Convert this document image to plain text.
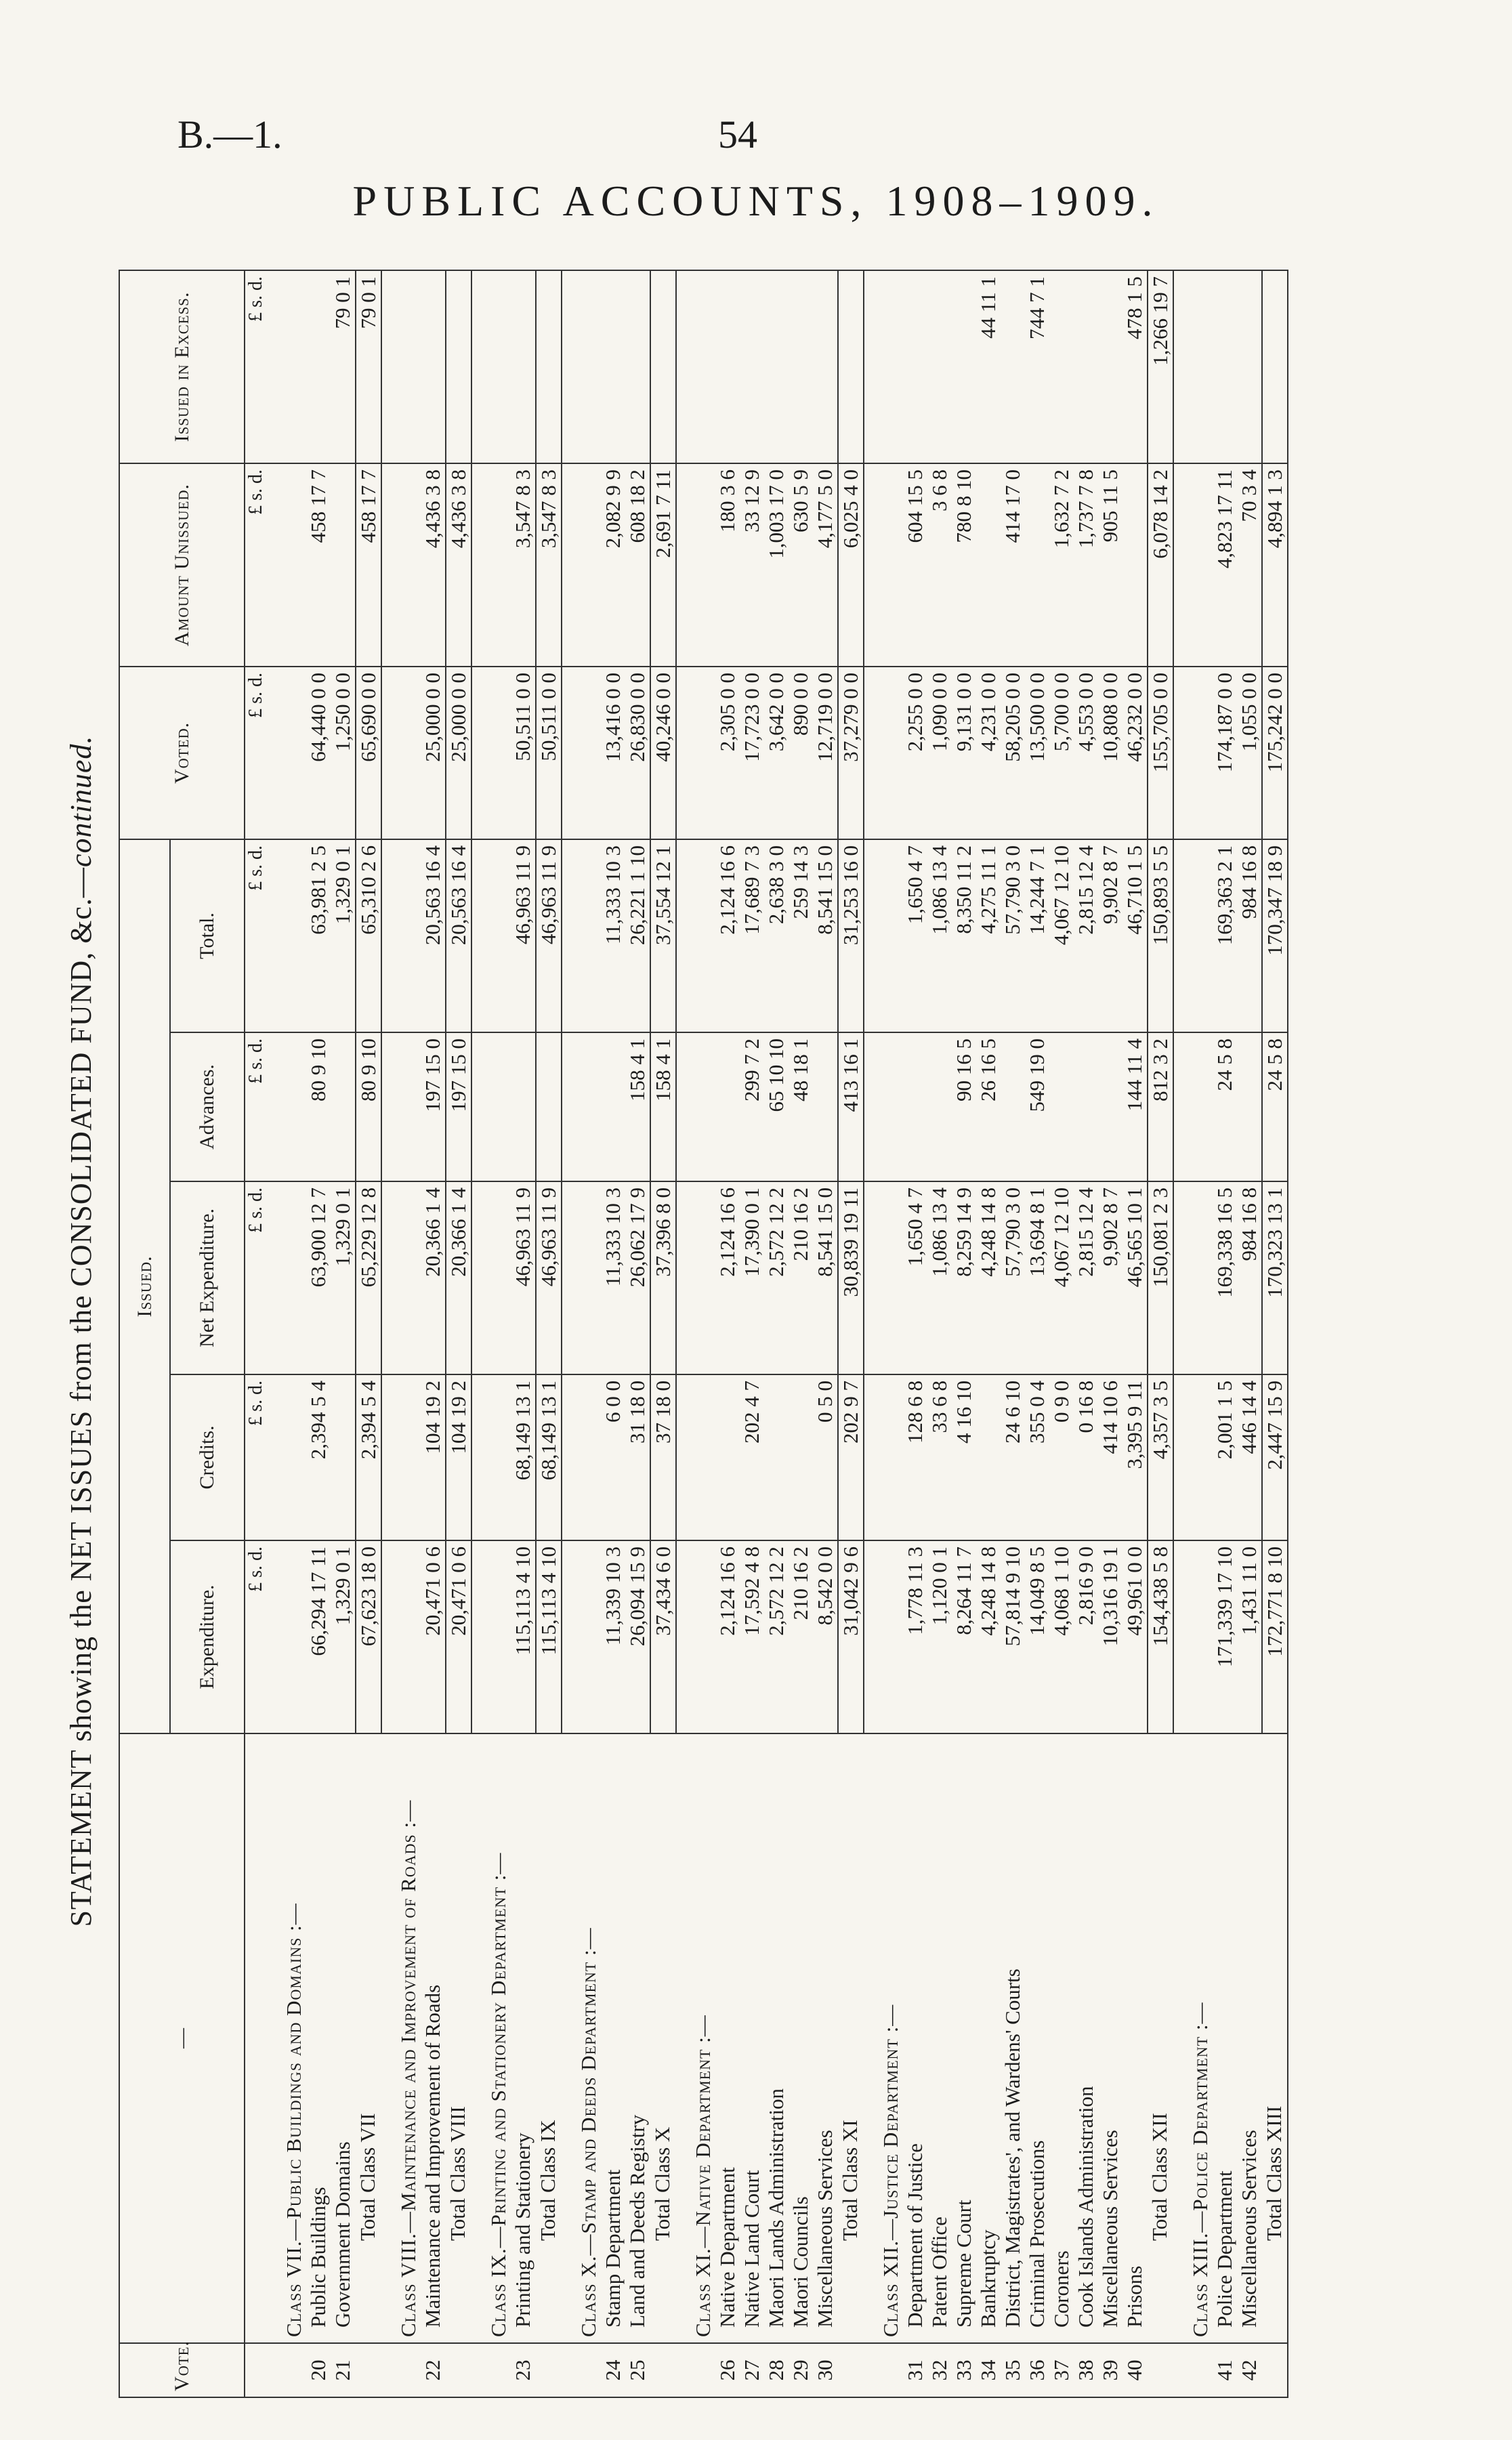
B.—1.	54
PUBLIC ACCOUNTS, 1908–1909.
STATEMENT showing the NET ISSUES from the CONSOLIDATED FUND, &c.—continued.
Vote.	—	Issued.					Voted.	Amount Unissued.	Issued in Excess.
		Expenditure.	Credits.	Net Expenditure.	Advances.	Total.			
		£ s. d.	£ s. d.	£ s. d.	£ s. d.	£ s. d.	£ s. d.	£ s. d.	£ s. d.
	Class VII.—Public Buildings and Domains :—								
20	Public Buildings	66,294 17 11	2,394 5 4	63,900 12 7	80 9 10	63,981 2 5	64,440 0 0	458 17 7	
21	Government Domains	1,329 0 1		1,329 0 1		1,329 0 1	1,250 0 0		79 0 1
	Total Class VII	67,623 18 0	2,394 5 4	65,229 12 8	80 9 10	65,310 2 6	65,690 0 0	458 17 7	79 0 1
	Class VIII.—Maintenance and Improvement of Roads :—								
22	Maintenance and Improvement of Roads	20,471 0 6	104 19 2	20,366 1 4	197 15 0	20,563 16 4	25,000 0 0	4,436 3 8	
	Total Class VIII	20,471 0 6	104 19 2	20,366 1 4	197 15 0	20,563 16 4	25,000 0 0	4,436 3 8	
	Class IX.—Printing and Stationery Department :—								
23	Printing and Stationery	115,113 4 10	68,149 13 1	46,963 11 9		46,963 11 9	50,511 0 0	3,547 8 3	
	Total Class IX	115,113 4 10	68,149 13 1	46,963 11 9		46,963 11 9	50,511 0 0	3,547 8 3	
	Class X.—Stamp and Deeds Department :—								
24	Stamp Department	11,339 10 3	6 0 0	11,333 10 3		11,333 10 3	13,416 0 0	2,082 9 9	
25	Land and Deeds Registry	26,094 15 9	31 18 0	26,062 17 9	158 4 1	26,221 1 10	26,830 0 0	608 18 2	
	Total Class X	37,434 6 0	37 18 0	37,396 8 0	158 4 1	37,554 12 1	40,246 0 0	2,691 7 11	
	Class XI.—Native Department :—								
26	Native Department	2,124 16 6		2,124 16 6		2,124 16 6	2,305 0 0	180 3 6	
27	Native Land Court	17,592 4 8	202 4 7	17,390 0 1	299 7 2	17,689 7 3	17,723 0 0	33 12 9	
28	Maori Lands Administration	2,572 12 2		2,572 12 2	65 10 10	2,638 3 0	3,642 0 0	1,003 17 0	
29	Maori Councils	210 16 2		210 16 2	48 18 1	259 14 3	890 0 0	630 5 9	
30	Miscellaneous Services	8,542 0 0	0 5 0	8,541 15 0		8,541 15 0	12,719 0 0	4,177 5 0	
	Total Class XI	31,042 9 6	202 9 7	30,839 19 11	413 16 1	31,253 16 0	37,279 0 0	6,025 4 0	
	Class XII.—Justice Department :—								
31	Department of Justice	1,778 11 3	128 6 8	1,650 4 7		1,650 4 7	2,255 0 0	604 15 5	
32	Patent Office	1,120 0 1	33 6 8	1,086 13 4		1,086 13 4	1,090 0 0	3 6 8	
33	Supreme Court	8,264 11 7	4 16 10	8,259 14 9	90 16 5	8,350 11 2	9,131 0 0	780 8 10	
34	Bankruptcy	4,248 14 8		4,248 14 8	26 16 5	4,275 11 1	4,231 0 0		44 11 1
35	District, Magistrates', and Wardens' Courts	57,814 9 10	24 6 10	57,790 3 0		57,790 3 0	58,205 0 0	414 17 0	
36	Criminal Prosecutions	14,049 8 5	355 0 4	13,694 8 1	549 19 0	14,244 7 1	13,500 0 0		744 7 1
37	Coroners	4,068 1 10	0 9 0	4,067 12 10		4,067 12 10	5,700 0 0	1,632 7 2	
38	Cook Islands Administration	2,816 9 0	0 16 8	2,815 12 4		2,815 12 4	4,553 0 0	1,737 7 8	
39	Miscellaneous Services	10,316 19 1	414 10 6	9,902 8 7		9,902 8 7	10,808 0 0	905 11 5	
40	Prisons	49,961 0 0	3,395 9 11	46,565 10 1	144 11 4	46,710 1 5	46,232 0 0		478 1 5
	Total Class XII	154,438 5 8	4,357 3 5	150,081 2 3	812 3 2	150,893 5 5	155,705 0 0	6,078 14 2	1,266 19 7
	Class XIII.—Police Department :—								
41	Police Department	171,339 17 10	2,001 1 5	169,338 16 5	24 5 8	169,363 2 1	174,187 0 0	4,823 17 11	
42	Miscellaneous Services	1,431 11 0	446 14 4	984 16 8		984 16 8	1,055 0 0	70 3 4	
	Total Class XIII	172,771 8 10	2,447 15 9	170,323 13 1	24 5 8	170,347 18 9	175,242 0 0	4,894 1 3	
